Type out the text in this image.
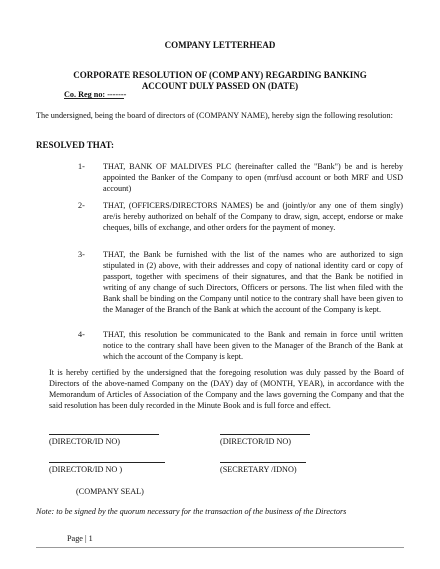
COMPANY LETTERHEAD
CORPORATE RESOLUTION OF (COMP ANY) REGARDING BANKING
ACCOUNT DULY PASSED ON (DATE)
Co. Reg no: -------
The undersigned, being the board of directors of (COMPANY NAME), hereby sign the following resolution:
RESOLVED THAT:
1- THAT, BANK OF MALDIVES PLC (hereinafter called the "Bank") be and is hereby appointed the Banker of the Company to open (mrf/usd account or both MRF and USD account)
2- THAT, (OFFICERS/DIRECTORS NAMES) be and (jointly/or any one of them singly) are/is hereby authorized on behalf of the Company to draw, sign, accept, endorse or make cheques, bills of exchange, and other orders for the payment of money.
3- THAT, the Bank be furnished with the list of the names who are authorized to sign stipulated in (2) above, with their addresses and copy of national identity card or copy of passport, together with specimens of their signatures, and that the Bank be notified in writing of any change of such Directors, Officers or persons. The list when filed with the Bank shall be binding on the Company until notice to the contrary shall have been given to the Manager of the Branch of the Bank at which the account of the Company is kept.
4- THAT, this resolution be communicated to the Bank and remain in force until written notice to the contrary shall have been given to the Manager of the Branch of the Bank at which the account of the Company is kept.
It is hereby certified by the undersigned that the foregoing resolution was duly passed by the Board of Directors of the above-named Company on the (DAY) day of (MONTH, YEAR), in accordance with the Memorandum of Articles of Association of the Company and the laws governing the Company and that the said resolution has been duly recorded in the Minute Book and is full force and effect.
(DIRECTOR/ID NO)	(DIRECTOR/ID NO)
(DIRECTOR/ID NO )	(SECRETARY /IDNO)
(COMPANY SEAL)
Note: to be signed by the quorum necessary for the transaction of the business of the Directors
Page | 1
